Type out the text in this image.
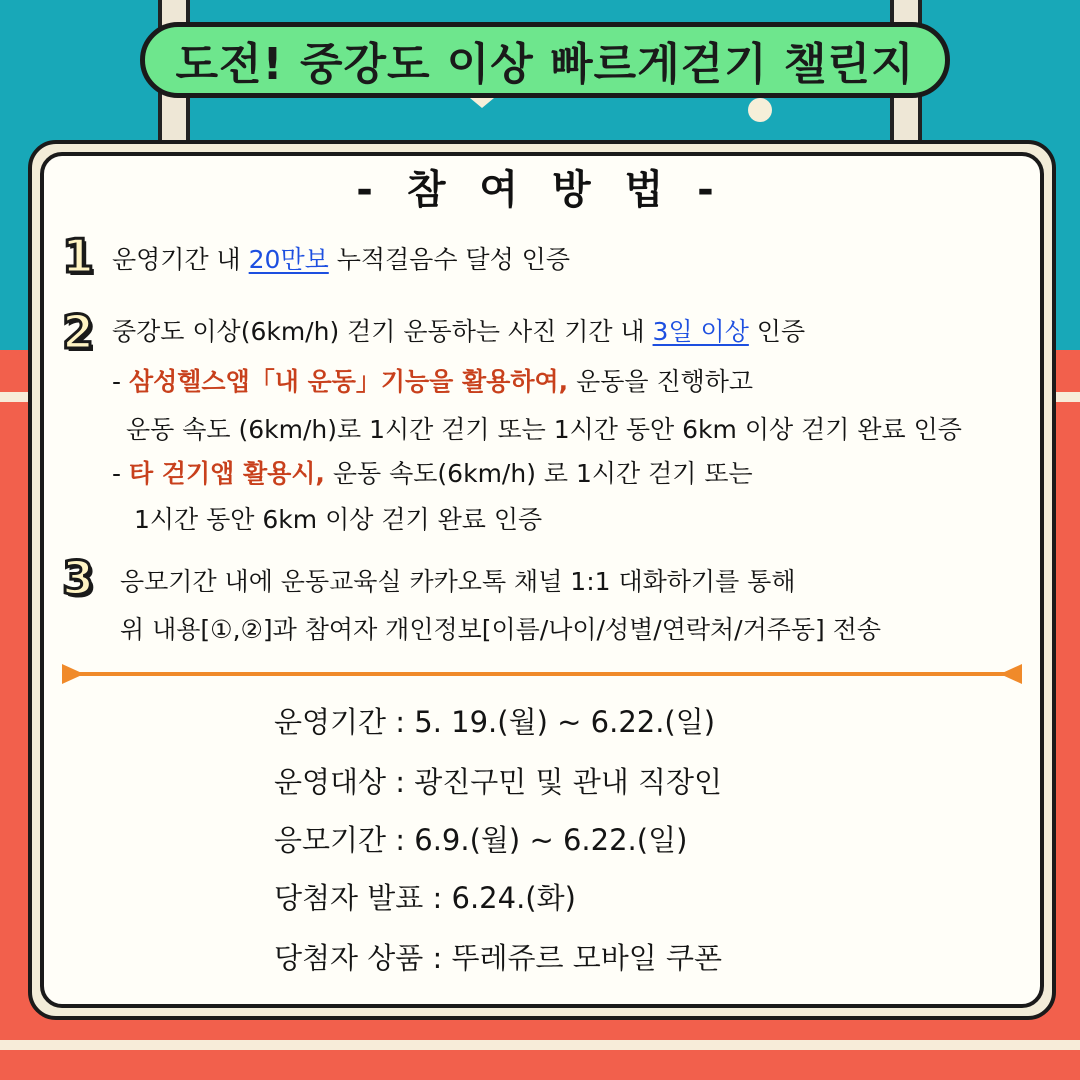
도전! 중강도 이상 빠르게걷기 챌린지
- 참 여 방 법 -
1 운영기간 내 20만보 누적걸음수 달성 인증
2 중강도 이상(6km/h) 걷기 운동하는 사진 기간 내 3일 이상 인증
- 삼성헬스앱「내 운동」기능을 활용하여, 운동을 진행하고
운동 속도 (6km/h)로 1시간 걷기 또는 1시간 동안 6km 이상 걷기 완료 인증
- 타 걷기앱 활용시, 운동 속도(6km/h) 로 1시간 걷기 또는
1시간 동안 6km 이상 걷기 완료 인증
3 응모기간 내에 운동교육실 카카오톡 채널 1:1 대화하기를 통해
위 내용[①,②]과 참여자 개인정보[이름/나이/성별/연락처/거주동] 전송
운영기간 : 5. 19.(월) ~ 6.22.(일)
운영대상 : 광진구민 및 관내 직장인
응모기간 : 6.9.(월) ~ 6.22.(일)
당첨자 발표 : 6.24.(화)
당첨자 상품 : 뚜레쥬르 모바일 쿠폰
